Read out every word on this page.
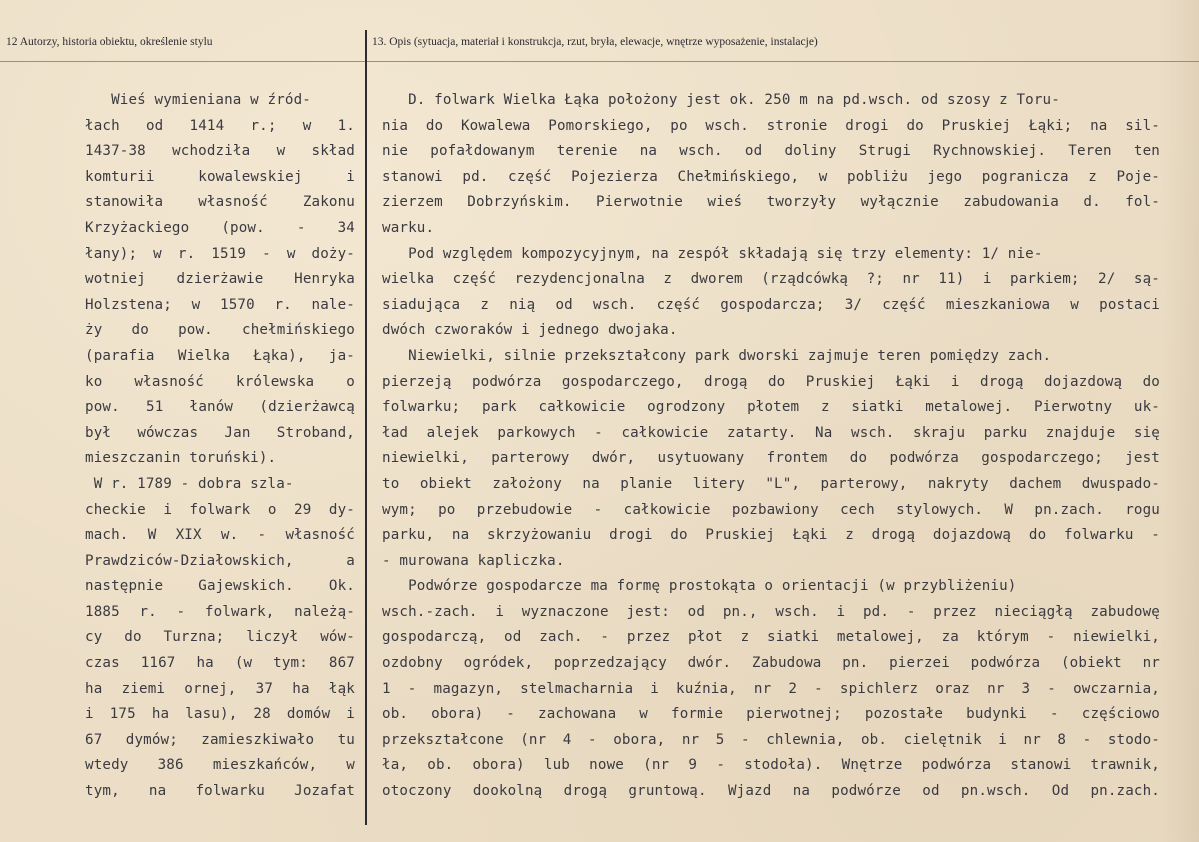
12 Autorzy, historia obiektu, określenie stylu	13. Opis (sytuacja, materiał i konstrukcja, rzut, bryła, elewacje, wnętrze wyposażenie, instalacje)
Wieś wymieniana w źród-
łach od 1414 r.; w 1.
1437-38 wchodziła w skład
komturii kowalewskiej i
stanowiła własność Zakonu
Krzyżackiego (pow. - 34
łany); w r. 1519 - w doży-
wotniej dzierżawie Henryka
Holzstena; w 1570 r. nale-
ży do pow. chełmińskiego
(parafia Wielka Łąka), ja-
ko własność królewska o
pow. 51 łanów (dzierżawcą
był wówczas Jan Stroband,
mieszczanin toruński).
W r. 1789 - dobra szla-
checkie i folwark o 29 dy-
mach. W XIX w. - własność
Prawdziców-Działowskich, a
następnie Gajewskich. Ok.
1885 r. - folwark, należą-
cy do Turzna; liczył wów-
czas 1167 ha (w tym: 867
ha ziemi ornej, 37 ha łąk
i 175 ha lasu), 28 domów i
67 dymów; zamieszkiwało tu
wtedy 386 mieszkańców, w
tym, na folwarku Jozafat
D. folwark Wielka Łąka położony jest ok. 250 m na pd.wsch. od szosy z Toru-
nia do Kowalewa Pomorskiego, po wsch. stronie drogi do Pruskiej Łąki; na sil-
nie pofałdowanym terenie na wsch. od doliny Strugi Rychnowskiej. Teren ten
stanowi pd. część Pojezierza Chełmińskiego, w pobliżu jego pogranicza z Poje-
zierzem Dobrzyńskim. Pierwotnie wieś tworzyły wyłącznie zabudowania d. fol-
warku.
Pod względem kompozycyjnym, na zespół składają się trzy elementy: 1/ nie-
wielka część rezydencjonalna z dworem (rządcówką ?; nr 11) i parkiem; 2/ są-
siadująca z nią od wsch. część gospodarcza; 3/ część mieszkaniowa w postaci
dwóch czworaków i jednego dwojaka.
Niewielki, silnie przekształcony park dworski zajmuje teren pomiędzy zach.
pierzeją podwórza gospodarczego, drogą do Pruskiej Łąki i drogą dojazdową do
folwarku; park całkowicie ogrodzony płotem z siatki metalowej. Pierwotny uk-
ład alejek parkowych - całkowicie zatarty. Na wsch. skraju parku znajduje się
niewielki, parterowy dwór, usytuowany frontem do podwórza gospodarczego; jest
to obiekt założony na planie litery "L", parterowy, nakryty dachem dwuspado-
wym; po przebudowie - całkowicie pozbawiony cech stylowych. W pn.zach. rogu
parku, na skrzyżowaniu drogi do Pruskiej Łąki z drogą dojazdową do folwarku -
- murowana kapliczka.
Podwórze gospodarcze ma formę prostokąta o orientacji (w przybliżeniu)
wsch.-zach. i wyznaczone jest: od pn., wsch. i pd. - przez nieciągłą zabudowę
gospodarczą, od zach. - przez płot z siatki metalowej, za którym - niewielki,
ozdobny ogródek, poprzedzający dwór. Zabudowa pn. pierzei podwórza (obiekt nr
1 - magazyn, stelmacharnia i kuźnia, nr 2 - spichlerz oraz nr 3 - owczarnia,
ob. obora) - zachowana w formie pierwotnej; pozostałe budynki - częściowo
przekształcone (nr 4 - obora, nr 5 - chlewnia, ob. cielętnik i nr 8 - stodo-
ła, ob. obora) lub nowe (nr 9 - stodoła). Wnętrze podwórza stanowi trawnik,
otoczony dookolną drogą gruntową. Wjazd na podwórze od pn.wsch. Od pn.zach.
